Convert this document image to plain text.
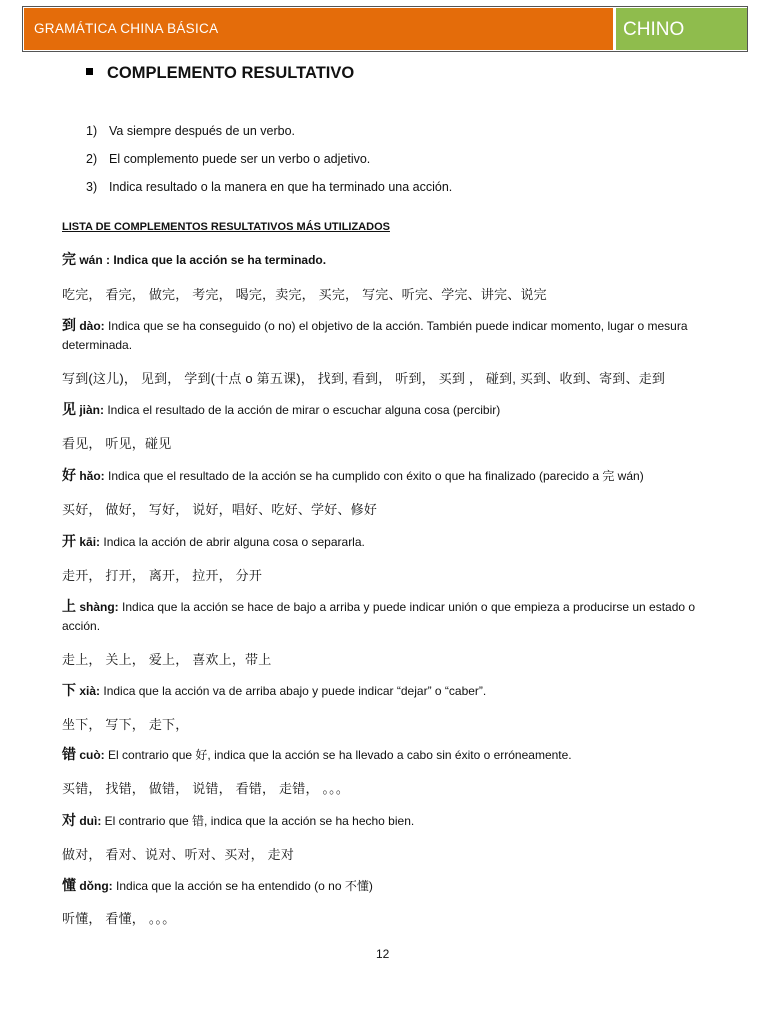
GRAMÁTICA CHINA BÁSICA	CHINO
COMPLEMENTO RESULTATIVO
1) Va siempre después de un verbo.
2) El complemento puede ser un verbo o adjetivo.
3) Indica resultado o la manera en que ha terminado una acción.
LISTA DE COMPLEMENTOS RESULTATIVOS MÁS UTILIZADOS
完 wán : Indica que la acción se ha terminado.
吃完， 看完， 做完， 考完， 喝完，卖完， 买完， 写完、听完、学完、讲完、说完
到 dào: Indica que se ha conseguido (o no) el objetivo de la acción. También puede indicar momento, lugar o mesura determinada.
写到(这儿)， 见到， 学到(十点 o 第五课)， 找到, 看到， 听到， 买到 ， 碰到, 买到、收到、寄到、走到
见 jiàn: Indica el resultado de la acción de mirar o escuchar alguna cosa (percibir)
看见， 听见，碰见
好 hǎo: Indica que el resultado de la acción se ha cumplido con éxito o que ha finalizado (parecido a 完 wán)
买好， 做好， 写好， 说好，唱好、吃好、学好、修好
开 kāi: Indica la acción de abrir alguna cosa o separarla.
走开， 打开， 离开， 拉开， 分开
上 shàng: Indica que la acción se hace de bajo a arriba y puede indicar unión o que empieza a producirse un estado o acción.
走上， 关上， 爱上， 喜欢上，带上
下 xià: Indica que la acción va de arriba abajo y puede indicar “dejar” o “caber”.
坐下， 写下， 走下，
错 cuò: El contrario que 好, indica que la acción se ha llevado a cabo sin éxito o erróneamente.
买错， 找错， 做错， 说错， 看错， 走错， 。。。
对 duì: El contrario que 错, indica que la acción se ha hecho bien.
做对， 看对、说对、听对、买对， 走对
懂 dǒng: Indica que la acción se ha entendido (o no 不懂)
听懂， 看懂， 。。。
12
